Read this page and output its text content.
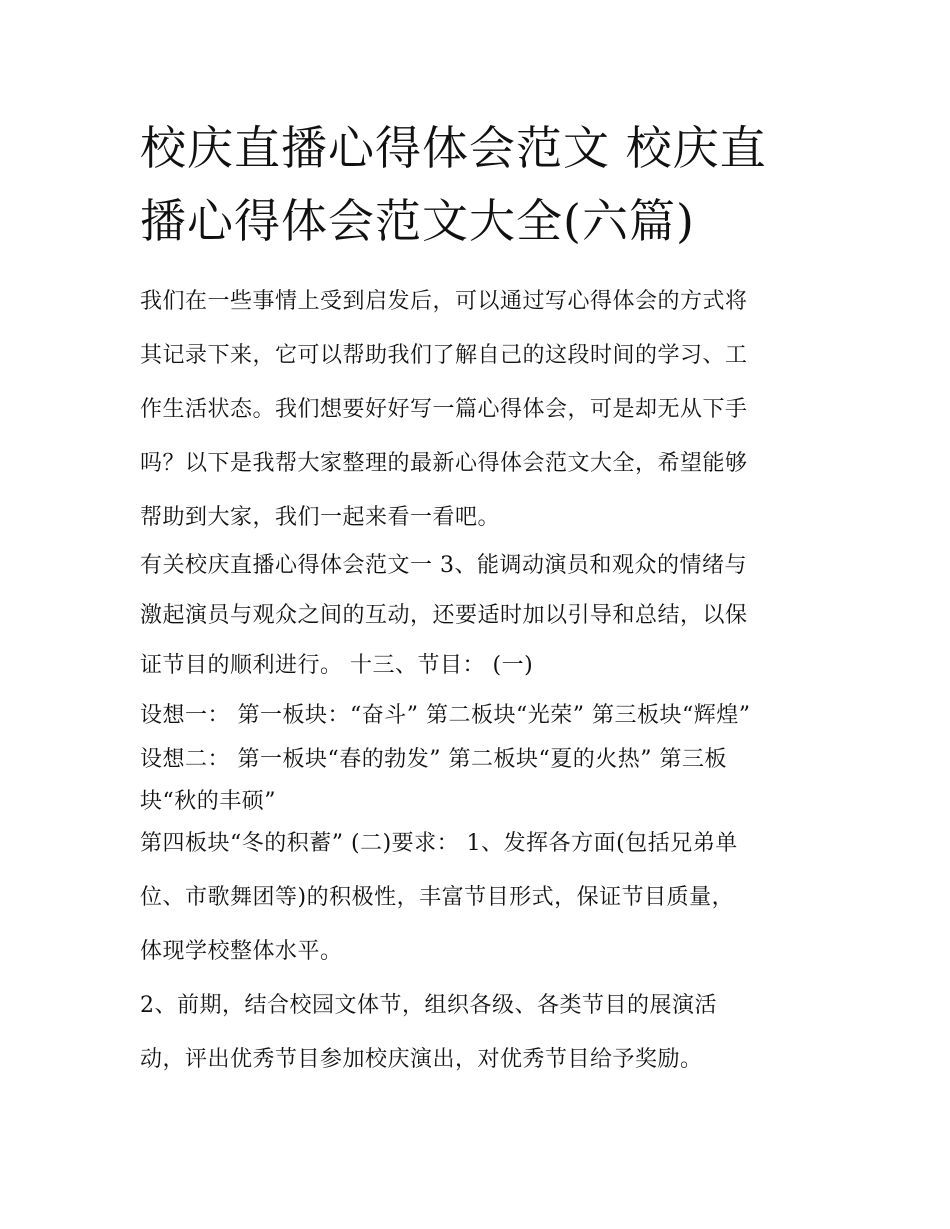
校庆直播心得体会范文 校庆直
播心得体会范文大全(六篇)
我们在一些事情上受到启发后，可以通过写心得体会的方式将
其记录下来，它可以帮助我们了解自己的这段时间的学习、工
作生活状态。我们想要好好写一篇心得体会，可是却无从下手
吗？以下是我帮大家整理的最新心得体会范文大全，希望能够
帮助到大家，我们一起来看一看吧。
有关校庆直播心得体会范文一 3、能调动演员和观众的情绪与
激起演员与观众之间的互动，还要适时加以引导和总结，以保
证节目的顺利进行。 十三、节目： (一)
设想一： 第一板块：“奋斗” 第二板块“光荣” 第三板块“辉煌”
设想二： 第一板块“春的勃发” 第二板块“夏的火热” 第三板
块“秋的丰硕”
第四板块“冬的积蓄” (二)要求： 1、发挥各方面(包括兄弟单
位、市歌舞团等)的积极性，丰富节目形式，保证节目质量，
体现学校整体水平。
2、前期，结合校园文体节，组织各级、各类节目的展演活
动，评出优秀节目参加校庆演出，对优秀节目给予奖励。
